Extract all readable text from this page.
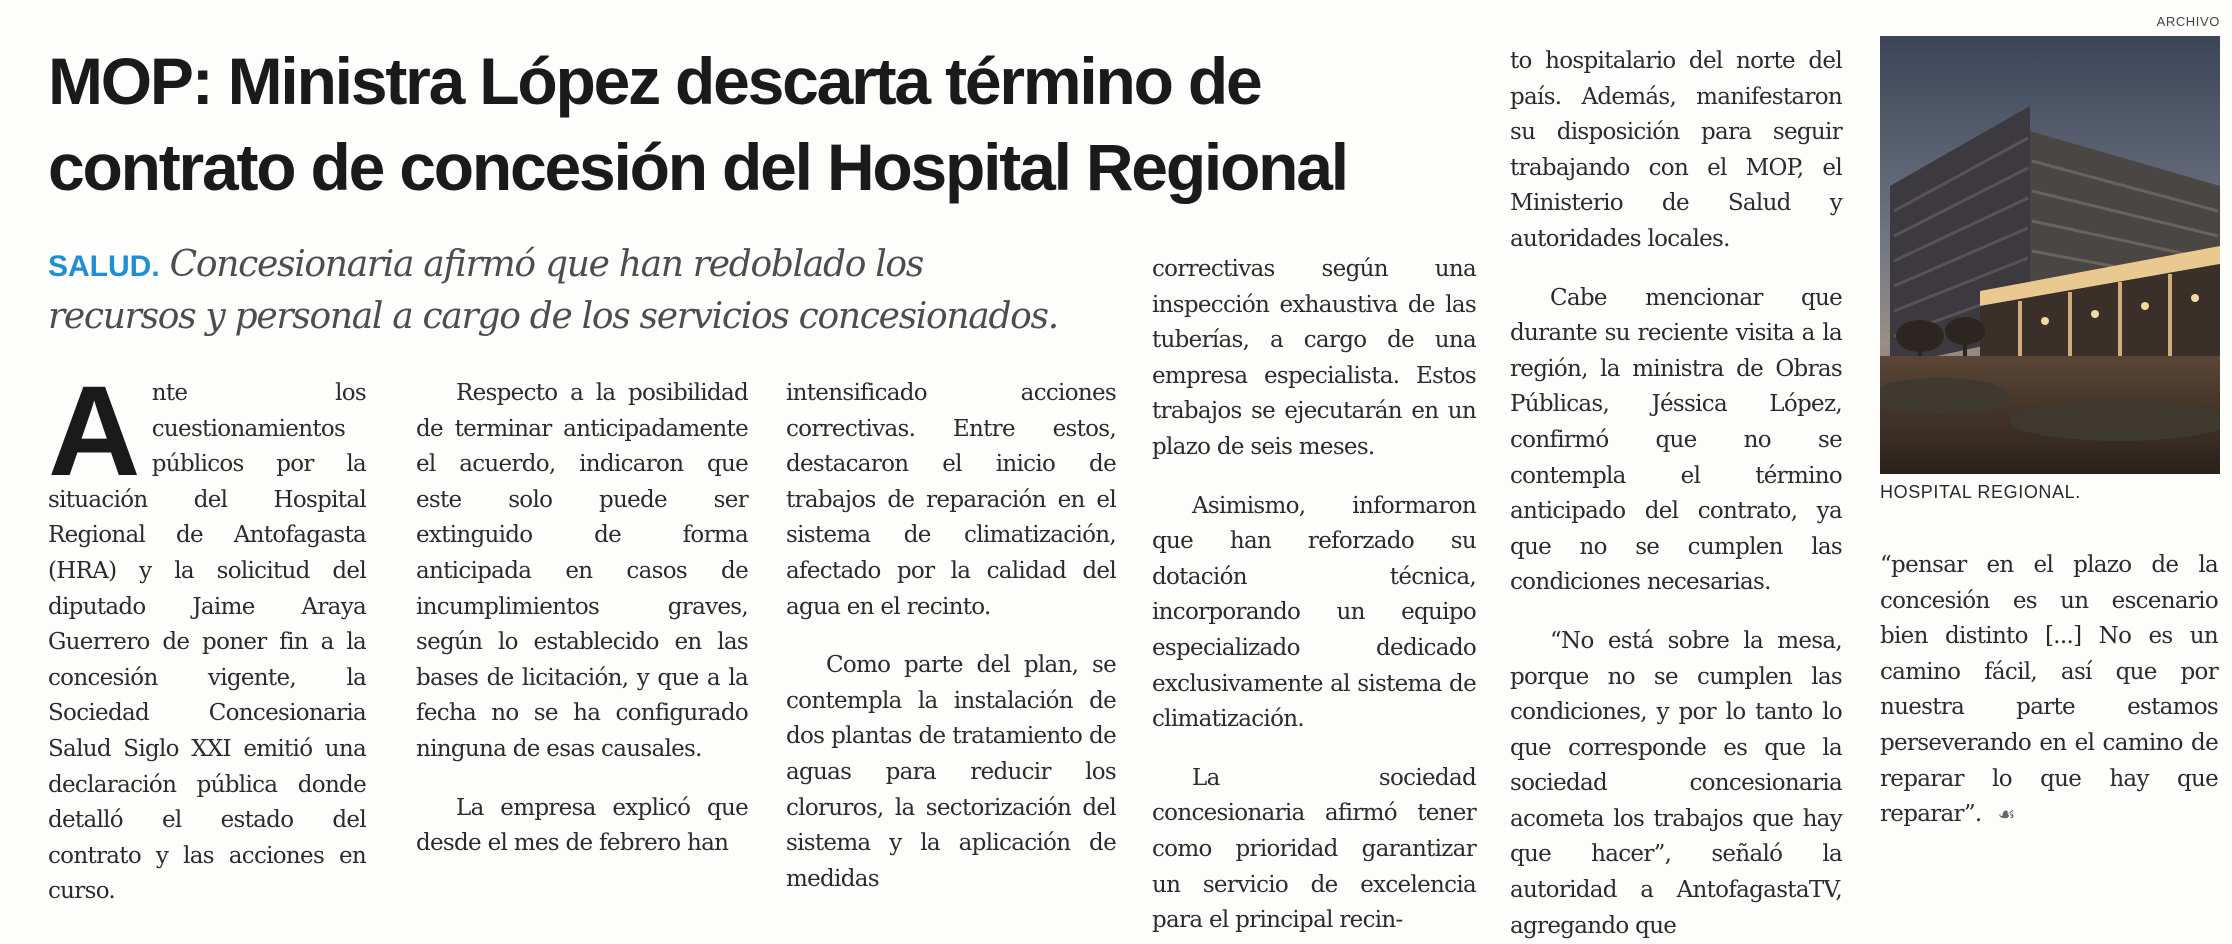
MOP: Ministra López descarta término de
contrato de concesión del Hospital Regional
SALUD. Concesionaria afirmó que han redoblado los
recursos y personal a cargo de los servicios concesionados.

Ante los cuestionamientos públicos por la situación del Hospital Regional de Antofagasta (HRA) y la solicitud del diputado Jaime Araya Guerrero de poner fin a la concesión vigente, la Sociedad Concesionaria Salud Siglo XXI emitió una declaración pública donde detalló el estado del contrato y las acciones en curso.

Respecto a la posibilidad de terminar anticipadamente el acuerdo, indicaron que este solo puede ser extinguido de forma anticipada en casos de incumplimientos graves, según lo establecido en las bases de licitación, y que a la fecha no se ha configurado ninguna de esas causales.

La empresa explicó que desde el mes de febrero han

intensificado acciones correctivas. Entre estos, destacaron el inicio de trabajos de reparación en el sistema de climatización, afectado por la calidad del agua en el recinto.

Como parte del plan, se contempla la instalación de dos plantas de tratamiento de aguas para reducir los cloruros, la sectorización del sistema y la aplicación de medidas

correctivas según una inspección exhaustiva de las tuberías, a cargo de una empresa especialista. Estos trabajos se ejecutarán en un plazo de seis meses.

Asimismo, informaron que han reforzado su dotación técnica, incorporando un equipo especializado dedicado exclusivamente al sistema de climatización.

La sociedad concesionaria afirmó tener como prioridad garantizar un servicio de excelencia para el principal recin-

to hospitalario del norte del país. Además, manifestaron su disposición para seguir trabajando con el MOP, el Ministerio de Salud y autoridades locales.

Cabe mencionar que durante su reciente visita a la región, la ministra de Obras Públicas, Jéssica López, confirmó que no se contempla el término anticipado del contrato, ya que no se cumplen las condiciones necesarias.

“No está sobre la mesa, porque no se cumplen las condiciones, y por lo tanto lo que corresponde es que la sociedad concesionaria acometa los trabajos que hay que hacer”, señaló la autoridad a AntofagastaTV, agregando que

ARCHIVO
HOSPITAL REGIONAL.

“pensar en el plazo de la concesión es un escenario bien distinto [...] No es un camino fácil, así que por nuestra parte estamos perseverando en el camino de reparar lo que hay que reparar”. ☙
